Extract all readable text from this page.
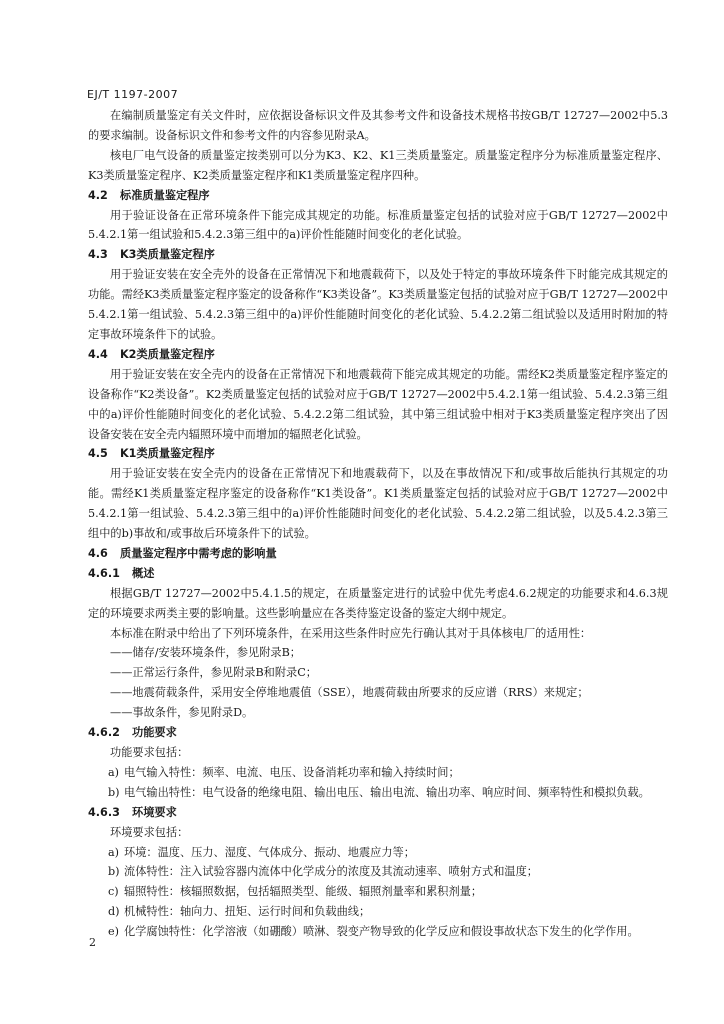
EJ/T 1197-2007

在编制质量鉴定有关文件时，应依据设备标识文件及其参考文件和设备技术规格书按GB/T 12727—2002中5.3的要求编制。设备标识文件和参考文件的内容参见附录A。

核电厂电气设备的质量鉴定按类别可以分为K3、K2、K1三类质量鉴定。质量鉴定程序分为标准质量鉴定程序、K3类质量鉴定程序、K2类质量鉴定程序和K1类质量鉴定程序四种。

4.2 标准质量鉴定程序

用于验证设备在正常环境条件下能完成其规定的功能。标准质量鉴定包括的试验对应于GB/T 12727—2002中5.4.2.1第一组试验和5.4.2.3第三组中的a)评价性能随时间变化的老化试验。

4.3 K3类质量鉴定程序

用于验证安装在安全壳外的设备在正常情况下和地震载荷下，以及处于特定的事故环境条件下时能完成其规定的功能。需经K3类质量鉴定程序鉴定的设备称作“K3类设备”。K3类质量鉴定包括的试验对应于GB/T 12727—2002中5.4.2.1第一组试验、5.4.2.3第三组中的a)评价性能随时间变化的老化试验、5.4.2.2第二组试验以及适用时附加的特定事故环境条件下的试验。

4.4 K2类质量鉴定程序

用于验证安装在安全壳内的设备在正常情况下和地震载荷下能完成其规定的功能。需经K2类质量鉴定程序鉴定的设备称作“K2类设备”。K2类质量鉴定包括的试验对应于GB/T 12727—2002中5.4.2.1第一组试验、5.4.2.3第三组中的a)评价性能随时间变化的老化试验、5.4.2.2第二组试验，其中第三组试验中相对于K3类质量鉴定程序突出了因设备安装在安全壳内辐照环境中而增加的辐照老化试验。

4.5 K1类质量鉴定程序

用于验证安装在安全壳内的设备在正常情况下和地震载荷下，以及在事故情况下和/或事故后能执行其规定的功能。需经K1类质量鉴定程序鉴定的设备称作“K1类设备”。K1类质量鉴定包括的试验对应于GB/T 12727—2002中5.4.2.1第一组试验、5.4.2.3第三组中的a)评价性能随时间变化的老化试验、5.4.2.2第二组试验，以及5.4.2.3第三组中的b)事故和/或事故后环境条件下的试验。

4.6 质量鉴定程序中需考虑的影响量

4.6.1 概述

根据GB/T 12727—2002中5.4.1.5的规定，在质量鉴定进行的试验中优先考虑4.6.2规定的功能要求和4.6.3规定的环境要求两类主要的影响量。这些影响量应在各类待鉴定设备的鉴定大纲中规定。

本标准在附录中给出了下列环境条件，在采用这些条件时应先行确认其对于具体核电厂的适用性：

——储存/安装环境条件，参见附录B；

——正常运行条件，参见附录B和附录C；

——地震荷载条件，采用安全停堆地震值（SSE），地震荷载由所要求的反应谱（RRS）来规定；

——事故条件，参见附录D。

4.6.2 功能要求

功能要求包括：

a) 电气输入特性：频率、电流、电压、设备消耗功率和输入持续时间；

b) 电气输出特性：电气设备的绝缘电阻、输出电压、输出电流、输出功率、响应时间、频率特性和模拟负载。

4.6.3 环境要求

环境要求包括：

a) 环境：温度、压力、湿度、气体成分、振动、地震应力等；

b) 流体特性：注入试验容器内流体中化学成分的浓度及其流动速率、喷射方式和温度；

c) 辐照特性：核辐照数据，包括辐照类型、能级、辐照剂量率和累积剂量；

d) 机械特性：轴向力、扭矩、运行时间和负载曲线；

e) 化学腐蚀特性：化学溶液（如硼酸）喷淋、裂变产物导致的化学反应和假设事故状态下发生的化学作用。

2
